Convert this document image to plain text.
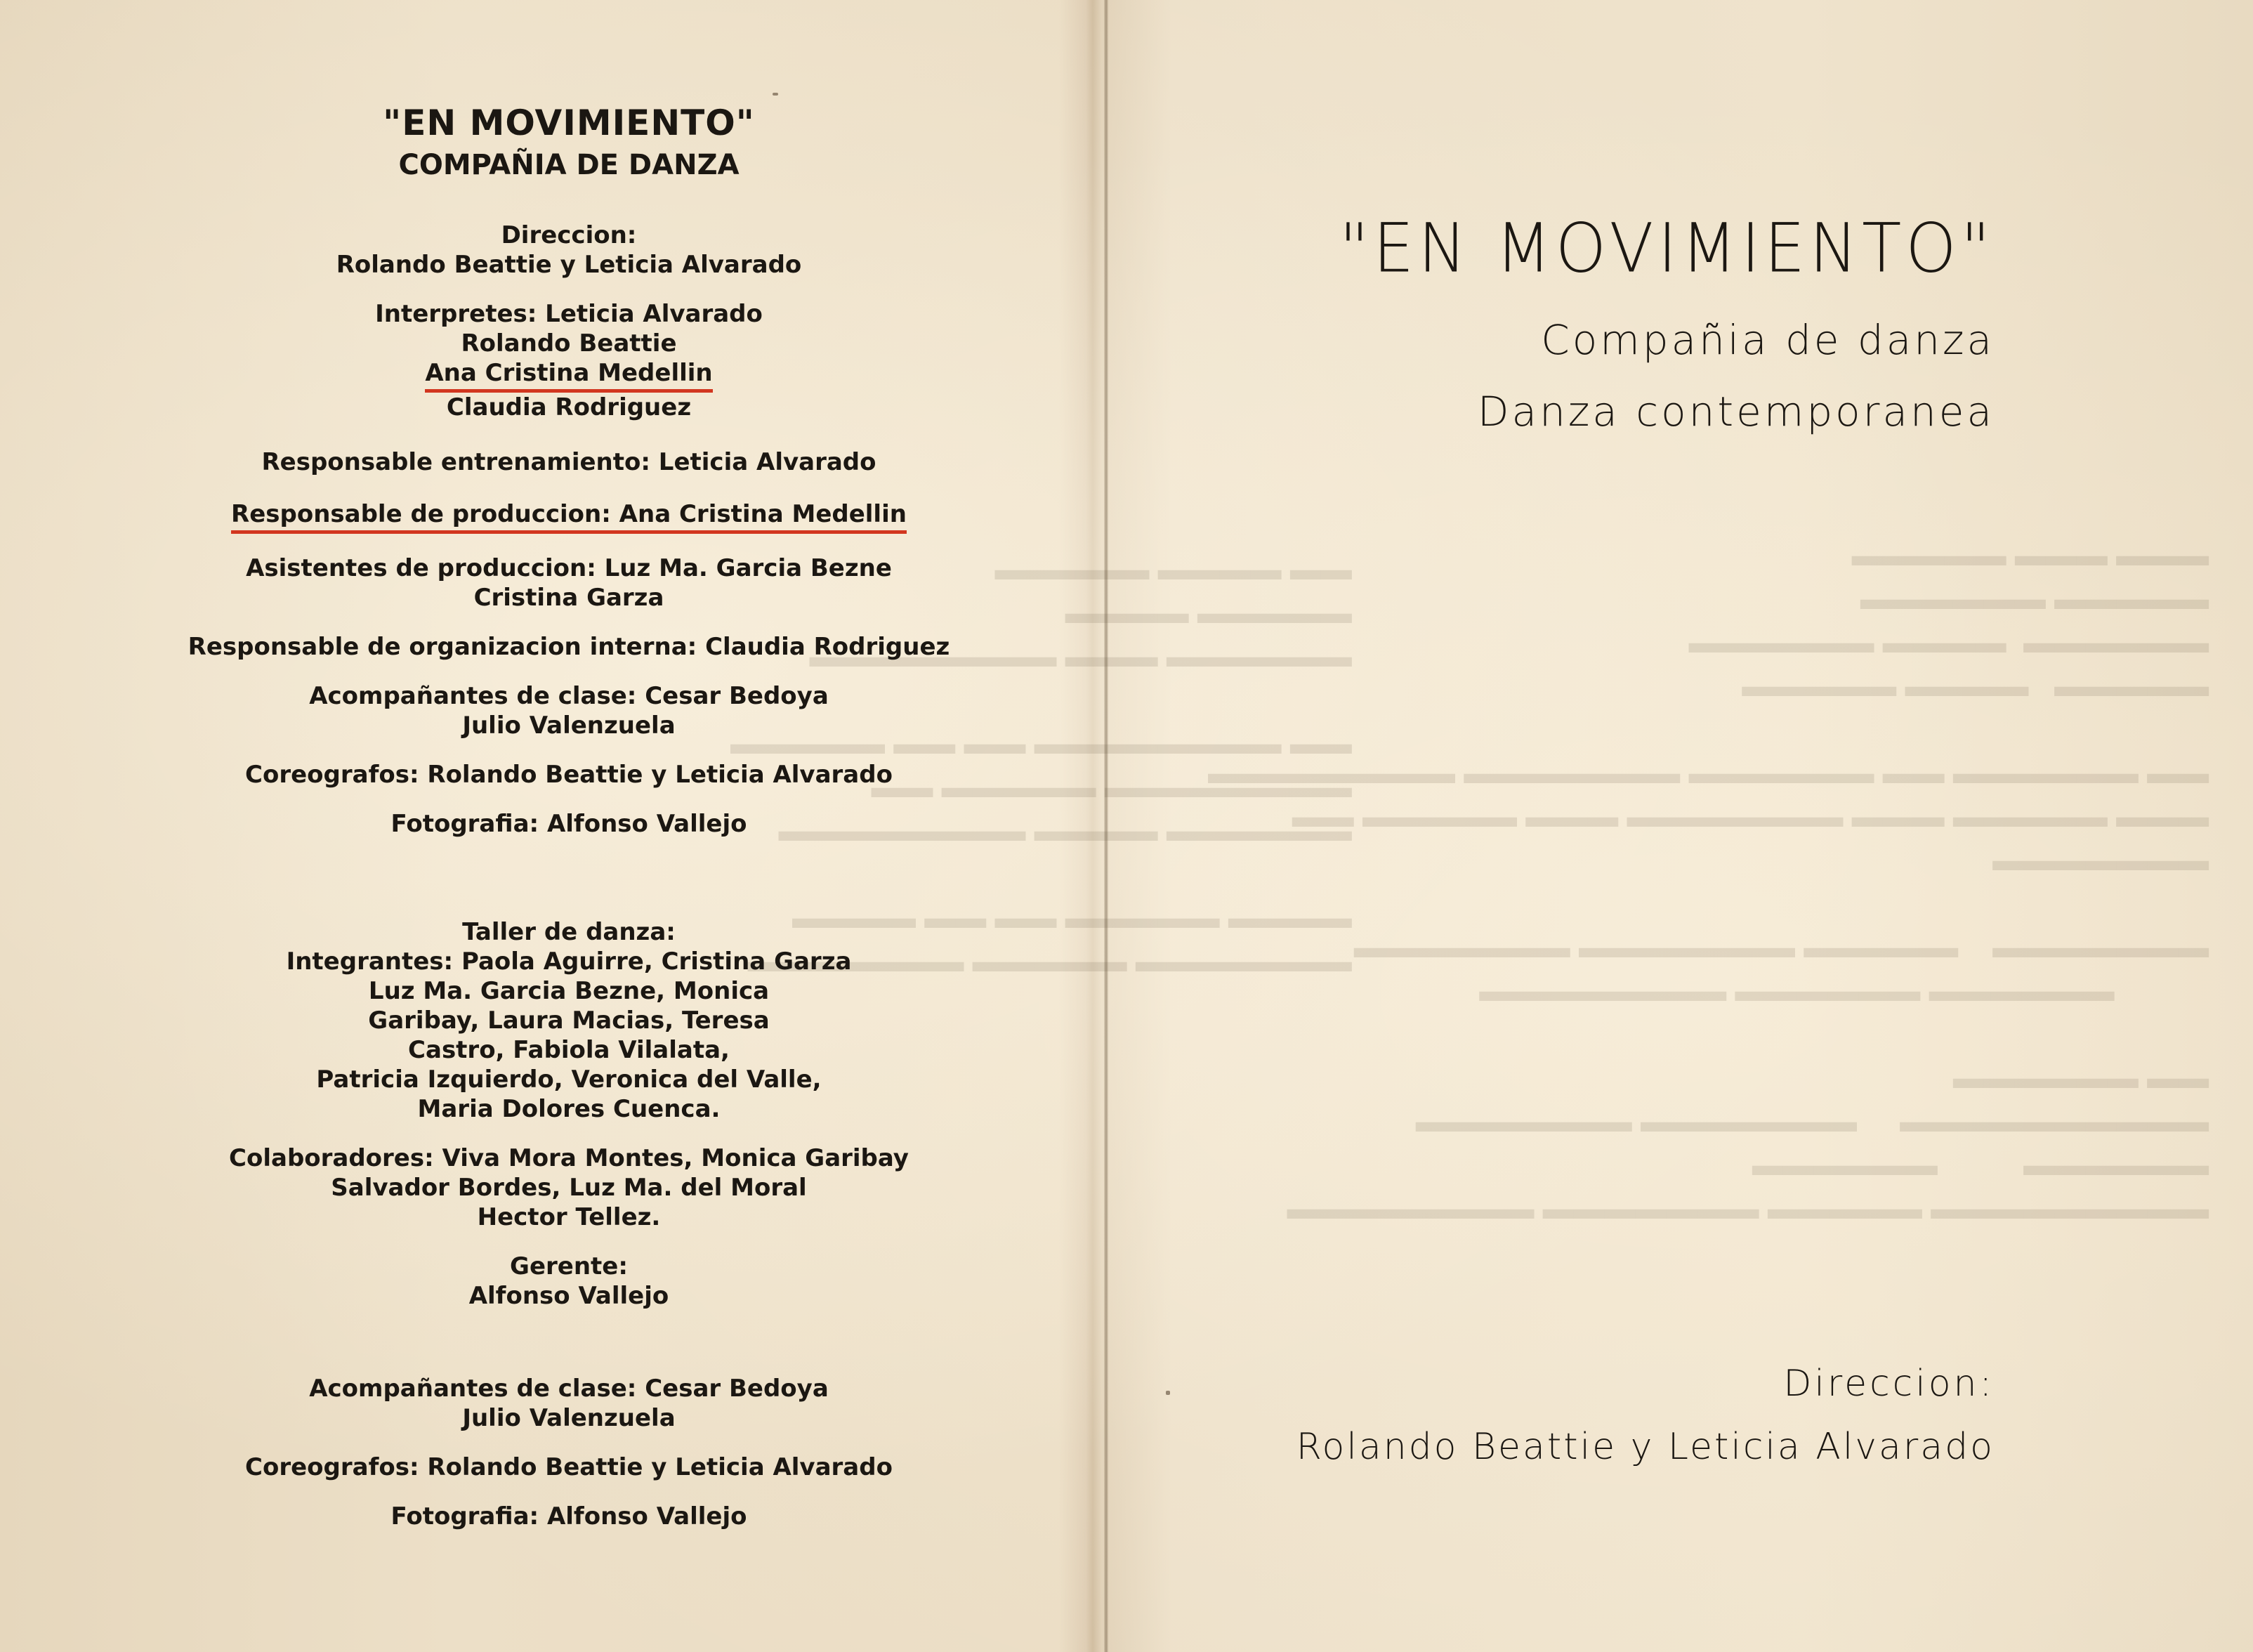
▬▬▬ ▬▬▬ ▬▬▬▬▬
▬▬▬▬▬ ▬▬▬▬▬▬
▬▬▬▬▬▬  ▬▬▬▬ ▬▬▬▬▬▬
▬▬▬▬▬   ▬▬▬▬ ▬▬▬▬▬

▬▬ ▬▬▬▬▬▬ ▬▬ ▬▬▬▬▬▬ ▬▬▬▬▬▬▬ ▬▬▬▬▬▬▬▬
▬▬▬ ▬▬▬▬▬ ▬▬▬ ▬▬▬▬▬▬▬ ▬▬▬ ▬▬▬▬▬ ▬▬
▬▬▬▬▬▬▬

▬▬▬▬▬▬▬    ▬▬▬▬▬ ▬▬▬▬▬▬▬ ▬▬▬▬▬▬▬
▬▬▬▬▬▬ ▬▬▬▬▬▬ ▬▬▬▬▬▬▬▬

▬▬ ▬▬▬▬▬▬
▬▬▬▬▬▬▬▬▬▬     ▬▬▬▬▬▬▬ ▬▬▬▬▬▬▬
▬▬▬▬▬▬          ▬▬▬▬▬▬
▬▬▬▬▬▬▬▬▬ ▬▬▬▬▬ ▬▬▬▬▬▬▬ ▬▬▬▬▬▬▬▬
▬▬ ▬▬▬▬ ▬▬▬▬▬
▬▬▬▬▬ ▬▬▬▬
▬▬▬▬▬▬ ▬▬▬ ▬▬▬▬▬▬▬▬

▬▬ ▬▬▬▬▬▬▬▬ ▬▬ ▬▬ ▬▬▬▬▬
▬▬▬▬▬▬▬▬ ▬▬▬▬▬ ▬▬
▬▬▬▬▬▬ ▬▬▬▬ ▬▬▬▬▬▬▬▬

▬▬▬▬ ▬▬▬▬▬ ▬▬ ▬▬ ▬▬▬▬
▬▬▬▬▬▬▬ ▬▬▬▬▬ ▬▬▬▬▬▬▬

"EN MOVIMIENTO"

COMPAÑIA DE DANZA

Direccion:

Rolando Beattie y Leticia Alvarado

Interpretes: Leticia Alvarado

Rolando Beattie

Ana Cristina Medellin

Claudia Rodriguez

Responsable entrenamiento: Leticia Alvarado

Responsable de produccion: Ana Cristina Medellin

Asistentes de produccion: Luz Ma. Garcia Bezne

Cristina Garza

Responsable de organizacion interna: Claudia Rodriguez

Acompañantes de clase: Cesar Bedoya

Julio Valenzuela

Coreografos: Rolando Beattie y Leticia Alvarado

Fotografia: Alfonso Vallejo

Taller de danza:

Integrantes: Paola Aguirre, Cristina Garza

Luz Ma. Garcia Bezne, Monica

Garibay, Laura Macias, Teresa

Castro, Fabiola Vilalata,

Patricia Izquierdo, Veronica del Valle,

Maria Dolores Cuenca.

Colaboradores: Viva Mora Montes, Monica Garibay

Salvador Bordes, Luz Ma. del Moral

Hector Tellez.

Gerente:

Alfonso Vallejo

Acompañantes de clase: Cesar Bedoya

Julio Valenzuela

Coreografos: Rolando Beattie y Leticia Alvarado

Fotografia: Alfonso Vallejo

"EN MOVIMIENTO"

Compañia de danza

Danza contemporanea

Direccion:

Rolando Beattie y Leticia Alvarado
